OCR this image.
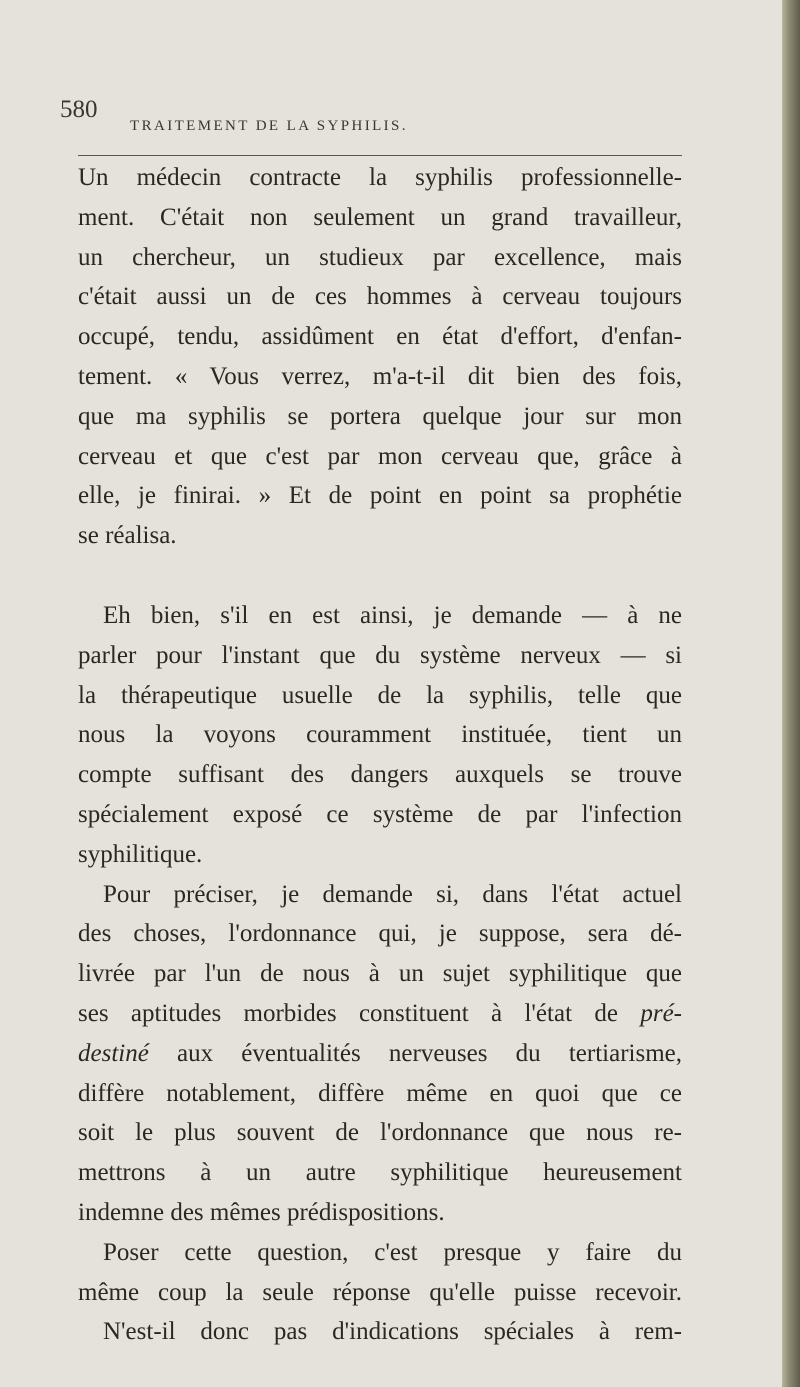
580
TRAITEMENT DE LA SYPHILIS.

Un médecin contracte la syphilis professionnelle-
ment. C'était non seulement un grand travailleur,
un chercheur, un studieux par excellence, mais
c'était aussi un de ces hommes à cerveau toujours
occupé, tendu, assidûment en état d'effort, d'enfan-
tement. « Vous verrez, m'a-t-il dit bien des fois,
que ma syphilis se portera quelque jour sur mon
cerveau et que c'est par mon cerveau que, grâce à
elle, je finirai. » Et de point en point sa prophétie
se réalisa.

Eh bien, s'il en est ainsi, je demande — à ne
parler pour l'instant que du système nerveux — si
la thérapeutique usuelle de la syphilis, telle que
nous la voyons couramment instituée, tient un
compte suffisant des dangers auxquels se trouve
spécialement exposé ce système de par l'infection
syphilitique.

Pour préciser, je demande si, dans l'état actuel
des choses, l'ordonnance qui, je suppose, sera dé-
livrée par l'un de nous à un sujet syphilitique que
ses aptitudes morbides constituent à l'état de pré-
destiné aux éventualités nerveuses du tertiarisme,
diffère notablement, diffère même en quoi que ce
soit le plus souvent de l'ordonnance que nous re-
mettrons à un autre syphilitique heureusement
indemne des mêmes prédispositions.

Poser cette question, c'est presque y faire du
même coup la seule réponse qu'elle puisse recevoir.
N'est-il donc pas d'indications spéciales à rem-
